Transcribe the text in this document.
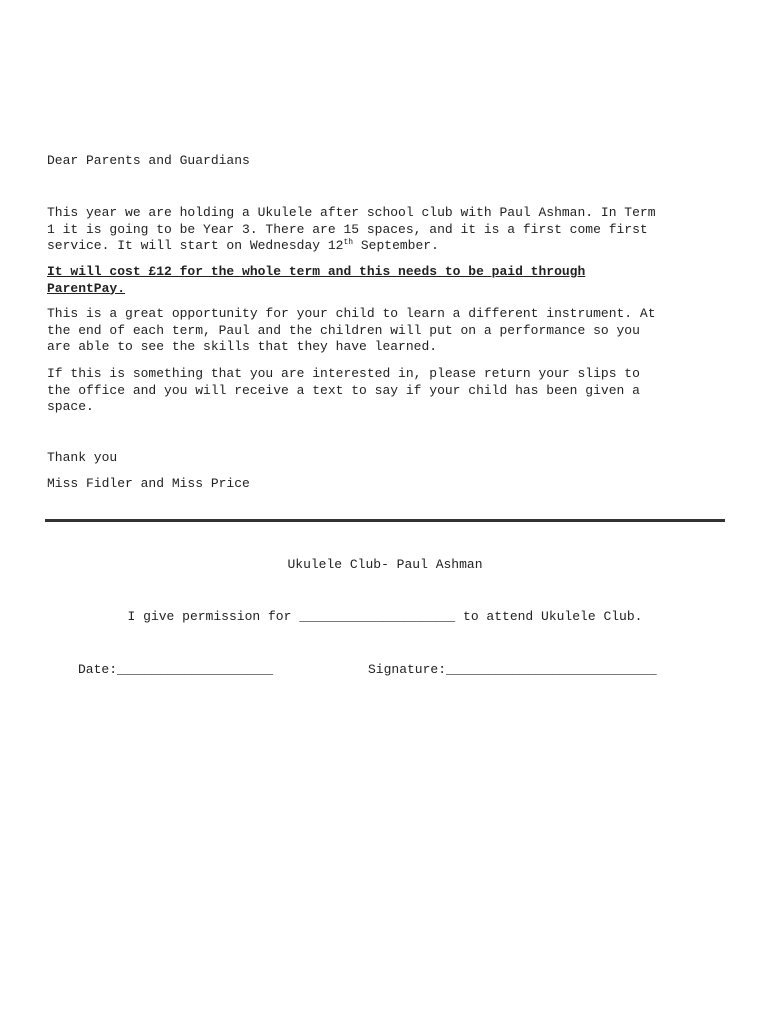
Dear Parents and Guardians
This year we are holding a Ukulele after school club with Paul Ashman. In Term
1 it is going to be Year 3. There are 15 spaces, and it is a first come first
service. It will start on Wednesday 12th September.
It will cost £12 for the whole term and this needs to be paid through
ParentPay.
This is a great opportunity for your child to learn a different instrument. At
the end of each term, Paul and the children will put on a performance so you
are able to see the skills that they have learned.
If this is something that you are interested in, please return your slips to
the office and you will receive a text to say if your child has been given a
space.
Thank you
Miss Fidler and Miss Price
Ukulele Club- Paul Ashman
I give permission for ____________________ to attend Ukulele Club.
Date:____________________	Signature:___________________________
